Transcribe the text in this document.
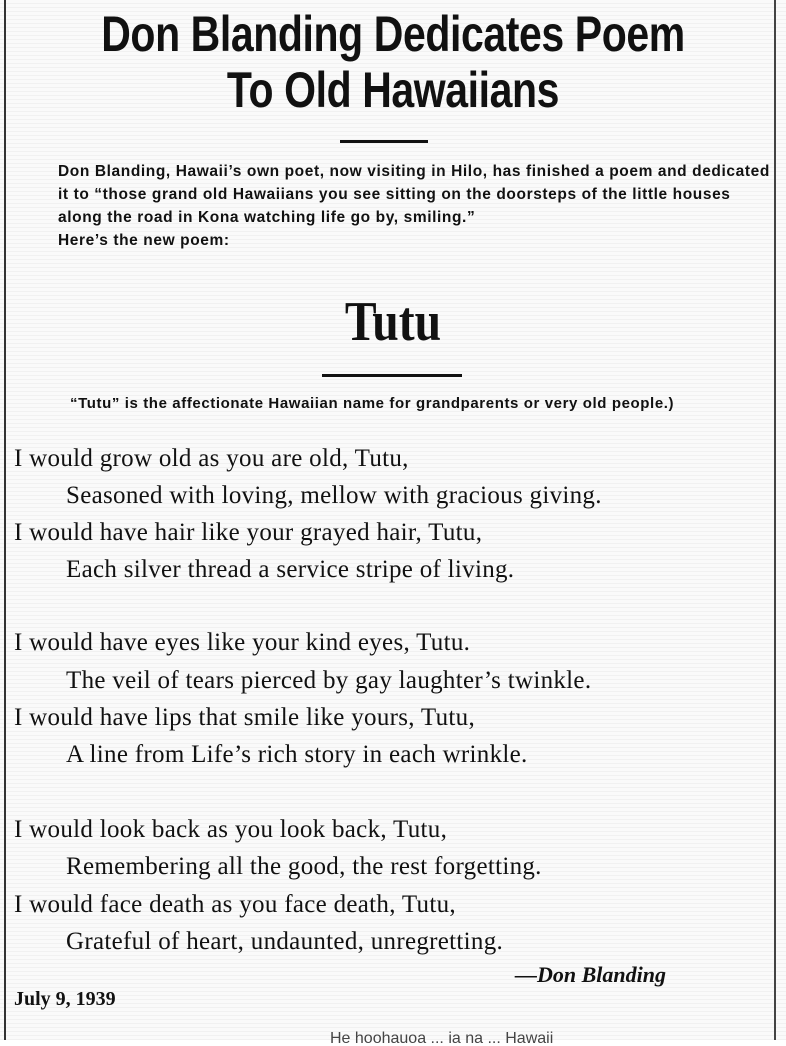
Don Blanding Dedicates Poem
To Old Hawaiians
Don Blanding, Hawaii’s own poet, now visiting in Hilo, has finished a poem and dedicated it to “those grand old Hawaiians you see sitting on the doorsteps of the little houses along the road in Kona watching life go by, smiling.”
Here’s the new poem:
Tutu
“Tutu” is the affectionate Hawaiian name for grandparents or very old people.)
I would grow old as you are old, Tutu,
Seasoned with loving, mellow with gracious giving.
I would have hair like your grayed hair, Tutu,
Each silver thread a service stripe of living.
I would have eyes like your kind eyes, Tutu.
The veil of tears pierced by gay laughter’s twinkle.
I would have lips that smile like yours, Tutu,
A line from Life’s rich story in each wrinkle.
I would look back as you look back, Tutu,
Remembering all the good, the rest forgetting.
I would face death as you face death, Tutu,
Grateful of heart, undaunted, unregretting.
—Don Blanding
July 9, 1939
He hoohauoa ... ia na ... Hawaii
